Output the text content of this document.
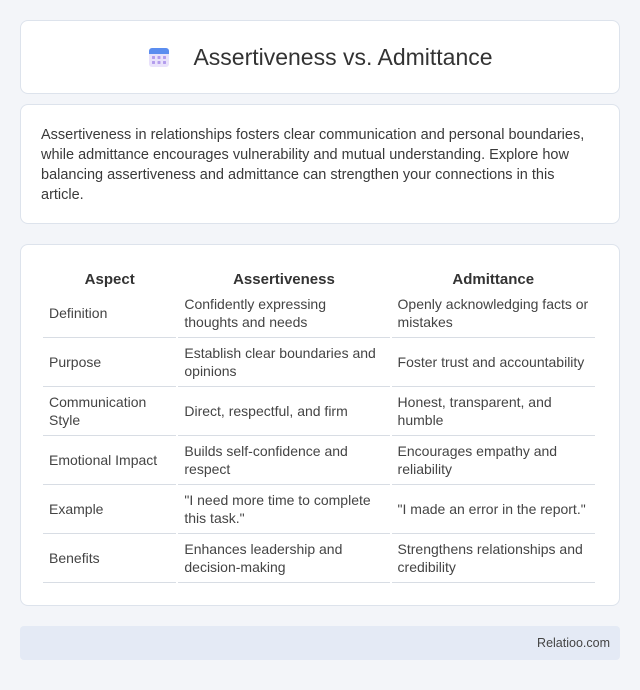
Assertiveness vs. Admittance

Assertiveness in relationships fosters clear communication and personal boundaries, while admittance encourages vulnerability and mutual understanding. Explore how balancing assertiveness and admittance can strengthen your connections in this article.

Aspect	Assertiveness	Admittance
Definition	Confidently expressing thoughts and needs	Openly acknowledging facts or mistakes
Purpose	Establish clear boundaries and opinions	Foster trust and accountability
Communication Style	Direct, respectful, and firm	Honest, transparent, and humble
Emotional Impact	Builds self-confidence and respect	Encourages empathy and reliability
Example	"I need more time to complete this task."	"I made an error in the report."
Benefits	Enhances leadership and decision-making	Strengthens relationships and credibility
Relatioo.com
